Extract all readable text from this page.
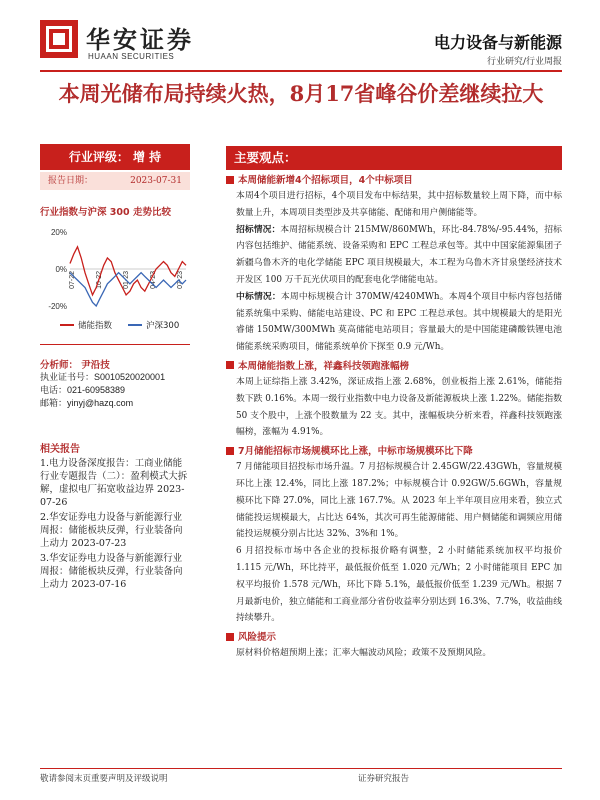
华安证券
HUAAN SECURITIES
电力设备与新能源
行业研究/行业周报
本周光储布局持续火热，8月17省峰谷价差继续拉大
行业评级： 增 持
报告日期：	2023-07-31
行业指数与沪深 300 走势比较
20%
0%
-20%
07-22	10-22	01-23	04-23	07-23
储能指数	沪深300
分析师： 尹沿技
执业证书号：S0010520020001
电话：021-60958389
邮箱：yinyj@hazq.com
相关报告
1.电力设备深度报告：工商业储能行业专题报告（二）：盈利模式大拆解，虚拟电厂拓宽收益边界 2023-07-26
2.华安证券电力设备与新能源行业周报：储能板块反弹，行业装备向上动力 2023-07-23
3.华安证券电力设备与新能源行业周报：储能板块反弹，行业装备向上动力 2023-07-16
主要观点：
本周储能新增4个招标项目，4个中标项目
本周4个项目进行招标，4个项目发布中标结果，其中招标数量较上周下降，而中标数量上升，本周项目类型涉及共享储能、配储和用户侧储能等。
招标情况：本周招标规模合计 215MW/860MWh，环比-84.78%/-95.44%，招标内容包括维护、储能系统、设备采购和 EPC 工程总承包等。其中中国家能源集团子新疆乌鲁木齐的电化学储能 EPC 项目规模最大，本工程为乌鲁木齐甘泉堡经济技术开发区 100 万千瓦光伏项目的配套电化学储能电站。
中标情况：本周中标规模合计 370MW/4240MWh。本周4个项目中标内容包括储能系统集中采购、储能电站建设、PC 和 EPC 工程总承包。其中规模最大的是阳光睿储 150MW/300MWh 莫高储能电站项目；容量最大的是中国能建磷酸铁锂电池储能系统采购项目，储能系统单价下探至 0.9 元/Wh。
本周储能指数上涨，祥鑫科技领跑涨幅榜
本周上证综指上涨 3.42%，深证成指上涨 2.68%，创业板指上涨 2.61%，储能指数下跌 0.16%。本周一级行业指数中电力设备及新能源板块上涨 1.22%。储能指数 50 支个股中，上涨个股数量为 22 支。其中，涨幅板块分析来看，祥鑫科技领跑涨幅榜，涨幅为 4.91%。
7月储能招标市场规模环比上涨，中标市场规模环比下降
7 月储能项目招投标市场升温。7 月招标规模合计 2.45GW/22.43GWh，容量规模环比上涨 12.4%，同比上涨 187.2%；中标规模合计 0.92GW/5.6GWh，容量规模环比下降 27.0%，同比上涨 167.7%。从 2023 年上半年项目应用来看，独立式储能投运规模最大，占比达 64%，其次可再生能源储能、用户侧储能和调频应用储能投运规模分别占比达 32%、3%和 1%。
6 月招投标市场中各企业的投标报价略有调整，2 小时储能系统加权平均报价 1.115 元/Wh，环比持平，最低报价低至 1.020 元/Wh；2 小时储能项目 EPC 加权平均报价 1.578 元/Wh，环比下降 5.1%，最低报价低至 1.239 元/Wh。根据 7 月最新电价，独立储能和工商业部分省份收益率分别达到 16.3%、7.7%，收益曲线持续攀升。
风险提示
原材料价格超预期上涨；汇率大幅波动风险；政策不及预期风险。
敬请参阅末页重要声明及评级说明	证券研究报告
